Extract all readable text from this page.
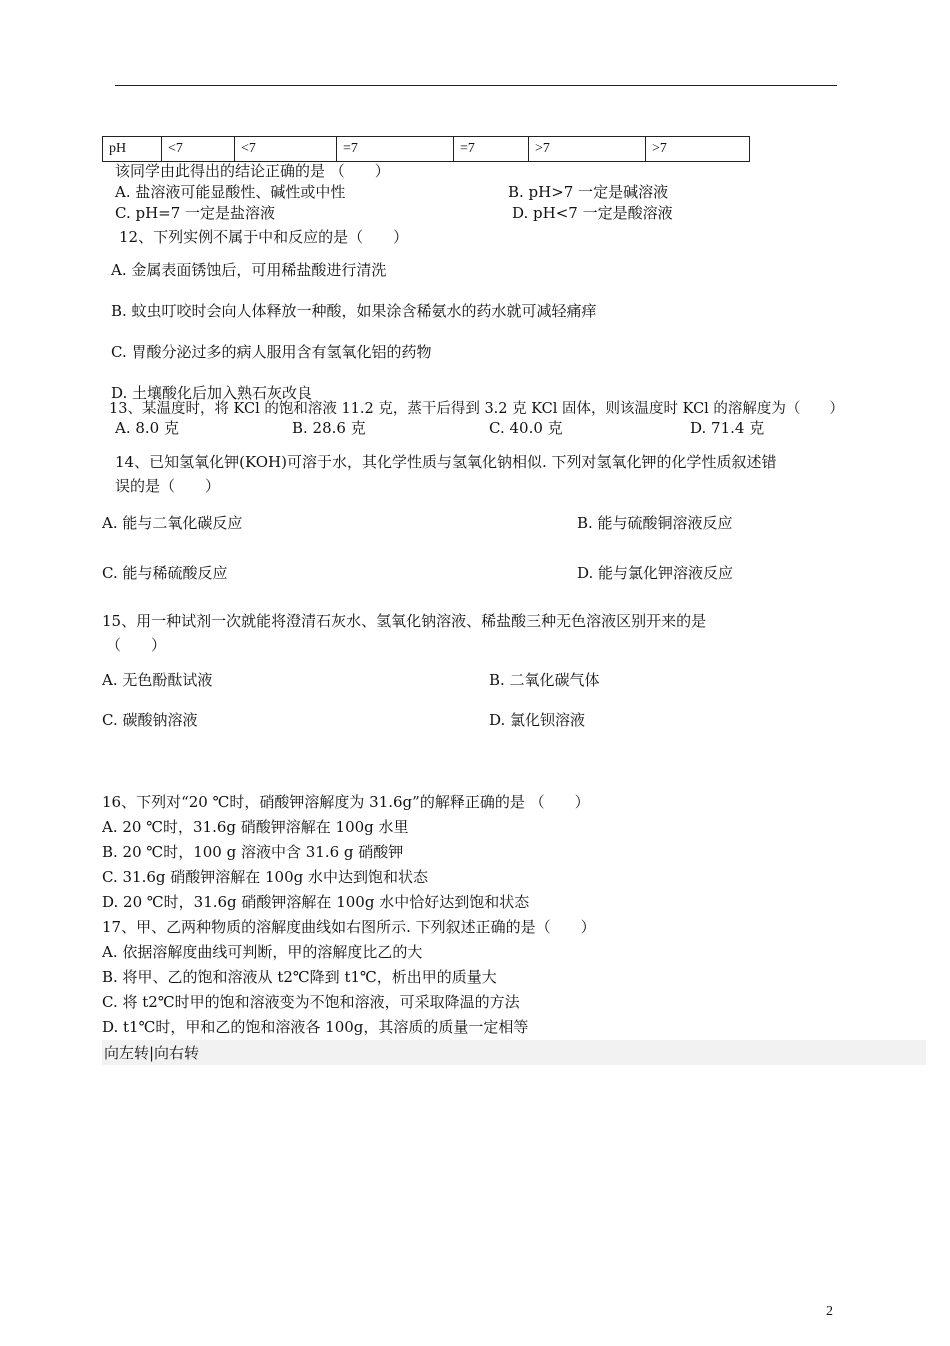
pH	<7	<7	=7	=7	>7	>7
该同学由此得出的结论正确的是 （　　）
A. 盐溶液可能显酸性、碱性或中性	B. pH>7 一定是碱溶液
C. pH=7 一定是盐溶液	D. pH<7 一定是酸溶液
12、下列实例不属于中和反应的是（　　）
A. 金属表面锈蚀后，可用稀盐酸进行清洗
B. 蚊虫叮咬时会向人体释放一种酸，如果涂含稀氨水的药水就可减轻痛痒
C. 胃酸分泌过多的病人服用含有氢氧化铝的药物
D. 土壤酸化后加入熟石灰改良
13、某温度时，将 KCl 的饱和溶液 11.2 克，蒸干后得到 3.2 克 KCl 固体，则该温度时 KCl 的溶解度为（　　）
A. 8.0 克	B. 28.6 克	C. 40.0 克	D. 71.4 克
14、已知氢氧化钾(KOH)可溶于水，其化学性质与氢氧化钠相似. 下列对氢氧化钾的化学性质叙述错
误的是（　　）
A. 能与二氧化碳反应	B. 能与硫酸铜溶液反应
C. 能与稀硫酸反应	D. 能与氯化钾溶液反应
15、用一种试剂一次就能将澄清石灰水、氢氧化钠溶液、稀盐酸三种无色溶液区别开来的是
（　　）
A. 无色酚酞试液	B. 二氧化碳气体
C. 碳酸钠溶液	D. 氯化钡溶液
16、下列对“20 ℃时，硝酸钾溶解度为 31.6g”的解释正确的是 （　　）
A. 20 ℃时，31.6g 硝酸钾溶解在 100g 水里
B. 20 ℃时，100 g 溶液中含 31.6 g 硝酸钾
C. 31.6g 硝酸钾溶解在 100g 水中达到饱和状态
D. 20 ℃时，31.6g 硝酸钾溶解在 100g 水中恰好达到饱和状态
17、甲、乙两种物质的溶解度曲线如右图所示. 下列叙述正确的是（　　）
A. 依据溶解度曲线可判断，甲的溶解度比乙的大
B. 将甲、乙的饱和溶液从 t2℃降到 t1℃，析出甲的质量大
C. 将 t2℃时甲的饱和溶液变为不饱和溶液，可采取降温的方法
D. t1℃时，甲和乙的饱和溶液各 100g，其溶质的质量一定相等
向左转|向右转
2
